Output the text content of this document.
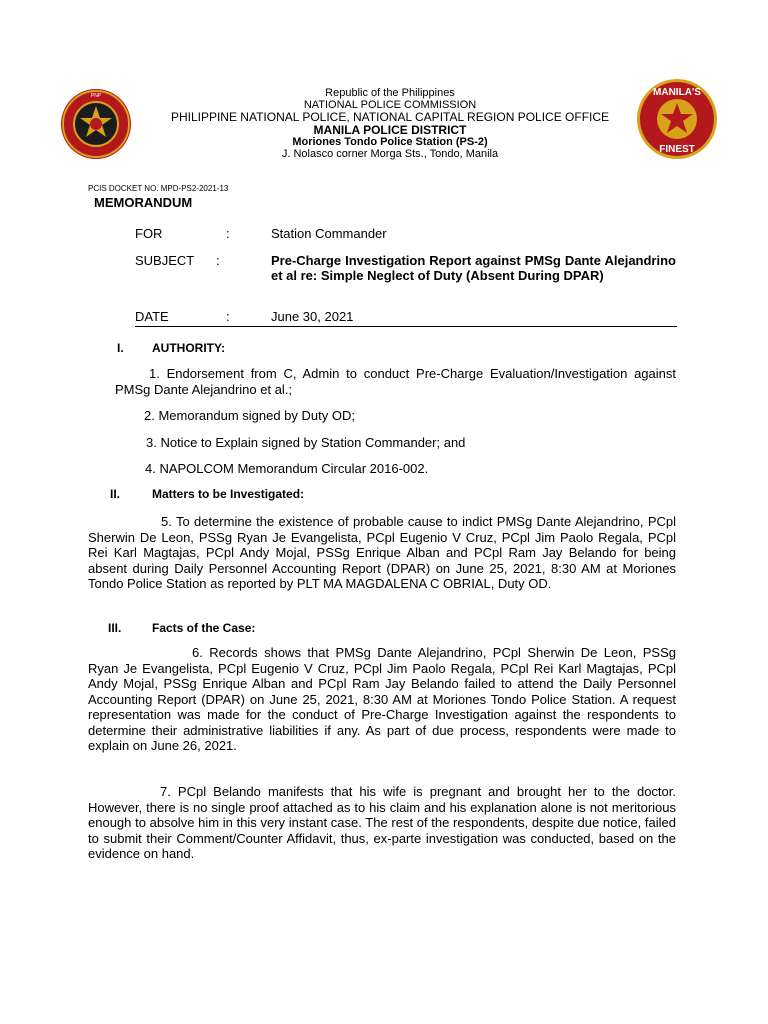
PNP	MANILA'S
FINEST
Republic of the Philippines
NATIONAL POLICE COMMISSION
PHILIPPINE NATIONAL POLICE, NATIONAL CAPITAL REGION POLICE OFFICE
MANILA POLICE DISTRICT
Moriones Tondo Police Station (PS-2)
J. Nolasco corner Morga Sts., Tondo, Manila
PCIS DOCKET NO. MPD-PS2-2021-13
MEMORANDUM
FOR	:	Station Commander
SUBJECT :	Pre-Charge Investigation Report against PMSg Dante Alejandrino et al re: Simple Neglect of Duty (Absent During DPAR)
DATE	:	June 30, 2021
I. AUTHORITY:
1. Endorsement from C, Admin to conduct Pre-Charge Evaluation/Investigation against PMSg Dante Alejandrino et al.;
2. Memorandum signed by Duty OD;
3. Notice to Explain signed by Station Commander; and
4. NAPOLCOM Memorandum Circular 2016-002.
II.	Matters to be Investigated:
5. To determine the existence of probable cause to indict PMSg Dante Alejandrino, PCpl Sherwin De Leon, PSSg Ryan Je Evangelista, PCpl Eugenio V Cruz, PCpl Jim Paolo Regala, PCpl Rei Karl Magtajas, PCpl Andy Mojal, PSSg Enrique Alban and PCpl Ram Jay Belando for being absent during Daily Personnel Accounting Report (DPAR) on June 25, 2021, 8:30 AM at Moriones Tondo Police Station as reported by PLT MA MAGDALENA C OBRIAL, Duty OD.
III.	Facts of the Case:
6. Records shows that PMSg Dante Alejandrino, PCpl Sherwin De Leon, PSSg Ryan Je Evangelista, PCpl Eugenio V Cruz, PCpl Jim Paolo Regala, PCpl Rei Karl Magtajas, PCpl Andy Mojal, PSSg Enrique Alban and PCpl Ram Jay Belando failed to attend the Daily Personnel Accounting Report (DPAR) on June 25, 2021, 8:30 AM at Moriones Tondo Police Station. A request representation was made for the conduct of Pre-Charge Investigation against the respondents to determine their administrative liabilities if any. As part of due process, respondents were made to explain on June 26, 2021.
7. PCpl Belando manifests that his wife is pregnant and brought her to the doctor. However, there is no single proof attached as to his claim and his explanation alone is not meritorious enough to absolve him in this very instant case. The rest of the respondents, despite due notice, failed to submit their Comment/Counter Affidavit, thus, ex-parte investigation was conducted, based on the evidence on hand.
